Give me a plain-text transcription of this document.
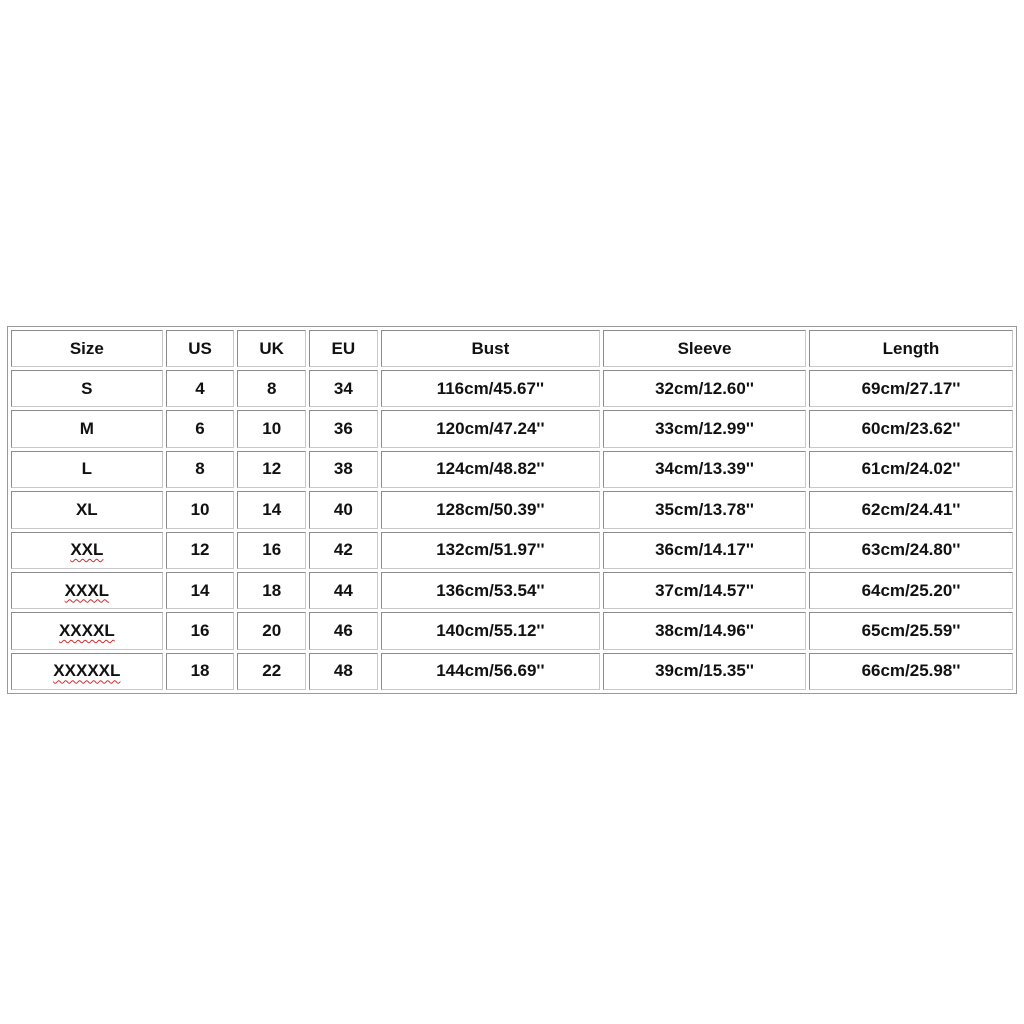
Size	US	UK	EU	Bust	Sleeve	Length
S	4	8	34	116cm/45.67''	32cm/12.60''	69cm/27.17''
M	6	10	36	120cm/47.24''	33cm/12.99''	60cm/23.62''
L	8	12	38	124cm/48.82''	34cm/13.39''	61cm/24.02''
XL	10	14	40	128cm/50.39''	35cm/13.78''	62cm/24.41''
XXL	12	16	42	132cm/51.97''	36cm/14.17''	63cm/24.80''
XXXL	14	18	44	136cm/53.54''	37cm/14.57''	64cm/25.20''
XXXXL	16	20	46	140cm/55.12''	38cm/14.96''	65cm/25.59''
XXXXXL	18	22	48	144cm/56.69''	39cm/15.35''	66cm/25.98''
